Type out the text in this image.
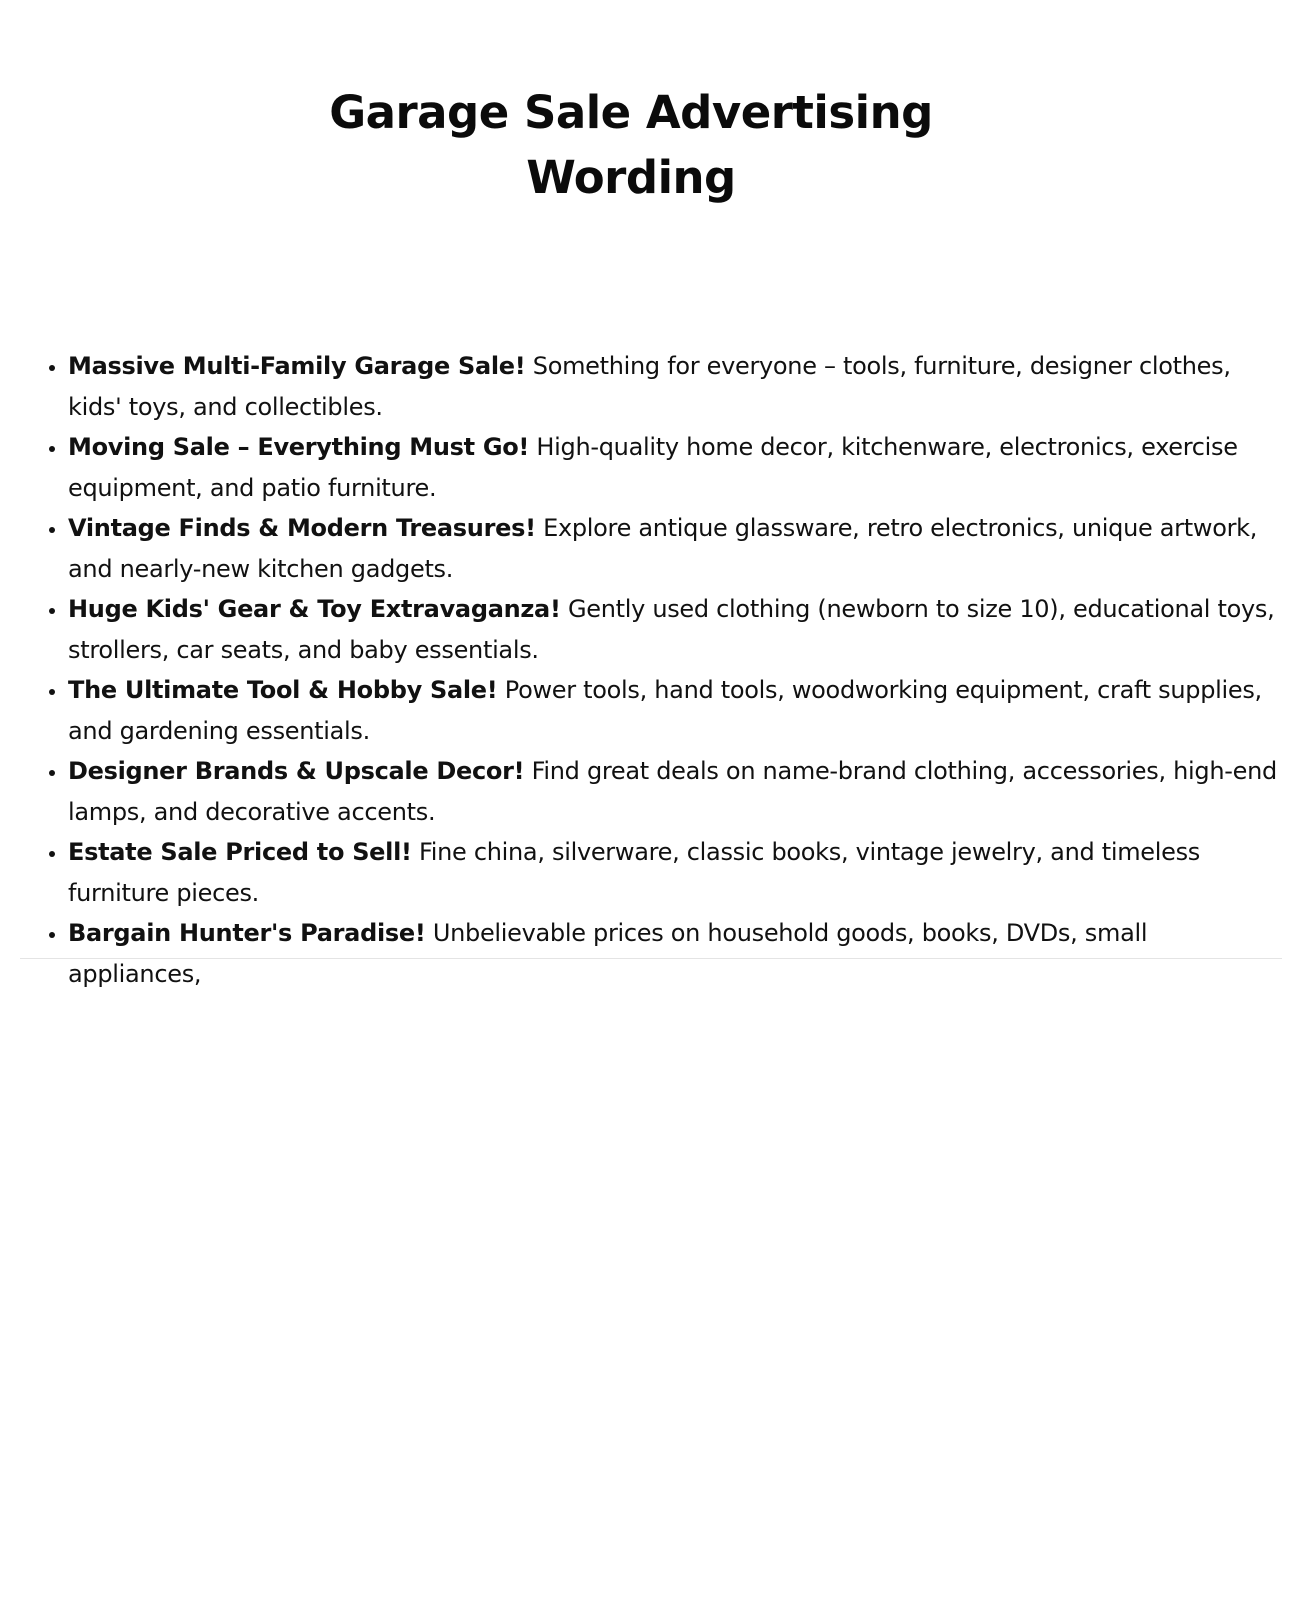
Garage Sale Advertising
Wording
• Massive Multi-Family Garage Sale! Something for everyone – tools, furniture, designer clothes, kids' toys, and collectibles.
• Moving Sale – Everything Must Go! High-quality home decor, kitchenware, electronics, exercise equipment, and patio furniture.
• Vintage Finds & Modern Treasures! Explore antique glassware, retro electronics, unique artwork, and nearly-new kitchen gadgets.
• Huge Kids' Gear & Toy Extravaganza! Gently used clothing (newborn to size 10), educational toys, strollers, car seats, and baby essentials.
• The Ultimate Tool & Hobby Sale! Power tools, hand tools, woodworking equipment, craft supplies, and gardening essentials.
• Designer Brands & Upscale Decor! Find great deals on name-brand clothing, accessories, high-end lamps, and decorative accents.
• Estate Sale Priced to Sell! Fine china, silverware, classic books, vintage jewelry, and timeless furniture pieces.
• Bargain Hunter's Paradise! Unbelievable prices on household goods, books, DVDs, small appliances,
